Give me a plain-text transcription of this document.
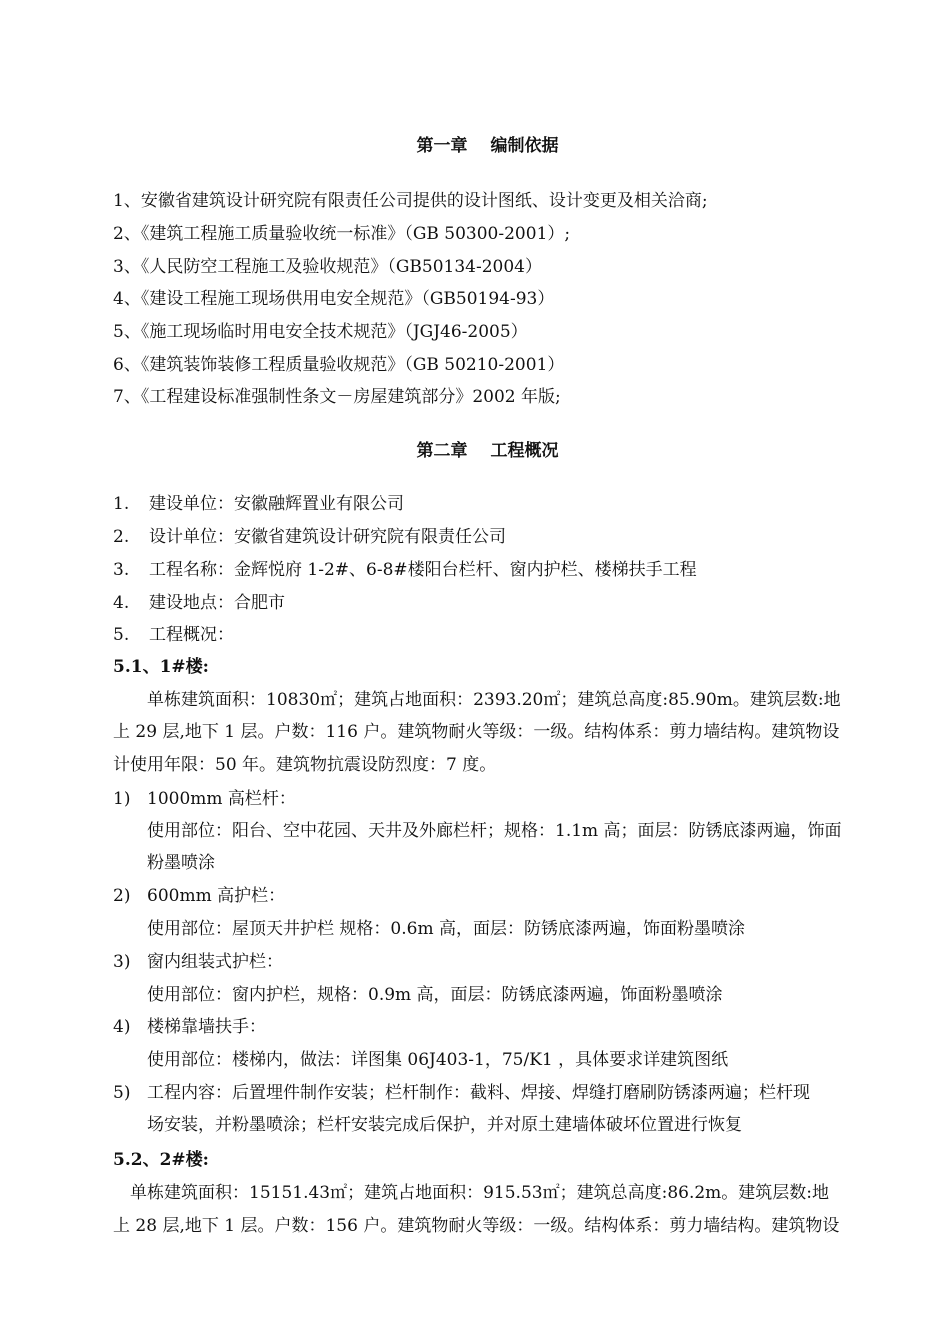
第一章　 编制依据
1、安徽省建筑设计研究院有限责任公司提供的设计图纸、设计变更及相关洽商;
2、《建筑工程施工质量验收统一标准》（GB 50300-2001）;
3、《人民防空工程施工及验收规范》（GB50134-2004）
4、《建设工程施工现场供用电安全规范》（GB50194-93）
5、《施工现场临时用电安全技术规范》（JGJ46-2005）
6、《建筑装饰装修工程质量验收规范》（GB 50210-2001）
7、《工程建设标准强制性条文－房屋建筑部分》2002 年版;
第二章　 工程概况
1. 建设单位：安徽融辉置业有限公司
2. 设计单位：安徽省建筑设计研究院有限责任公司
3. 工程名称：金辉悦府 1-2#、6-8#楼阳台栏杆、窗内护栏、楼梯扶手工程
4. 建设地点：合肥市
5. 工程概况：
5.1、1#楼:
单栋建筑面积：10830㎡；建筑占地面积：2393.20㎡；建筑总高度:85.90m。建筑层数:地
上 29 层,地下 1 层。户数：116 户。建筑物耐火等级：一级。结构体系：剪力墙结构。建筑物设
计使用年限：50 年。建筑物抗震设防烈度：7 度。
1) 1000mm 高栏杆：
使用部位：阳台、空中花园、天井及外廊栏杆；规格：1.1m 高；面层：防锈底漆两遍，饰面
粉墨喷涂
2) 600mm 高护栏：
使用部位：屋顶天井护栏 规格：0.6m 高，面层：防锈底漆两遍，饰面粉墨喷涂
3) 窗内组装式护栏：
使用部位：窗内护栏，规格：0.9m 高，面层：防锈底漆两遍，饰面粉墨喷涂
4) 楼梯靠墙扶手：
使用部位：楼梯内，做法：详图集 06J403-1，75/K1 ，具体要求详建筑图纸
5) 工程内容：后置埋件制作安装；栏杆制作：截料、焊接、焊缝打磨刷防锈漆两遍；栏杆现
场安装，并粉墨喷涂；栏杆安装完成后保护，并对原土建墙体破坏位置进行恢复
5.2、2#楼:
单栋建筑面积：15151.43㎡；建筑占地面积：915.53㎡；建筑总高度:86.2m。建筑层数:地
上 28 层,地下 1 层。户数：156 户。建筑物耐火等级：一级。结构体系：剪力墙结构。建筑物设
